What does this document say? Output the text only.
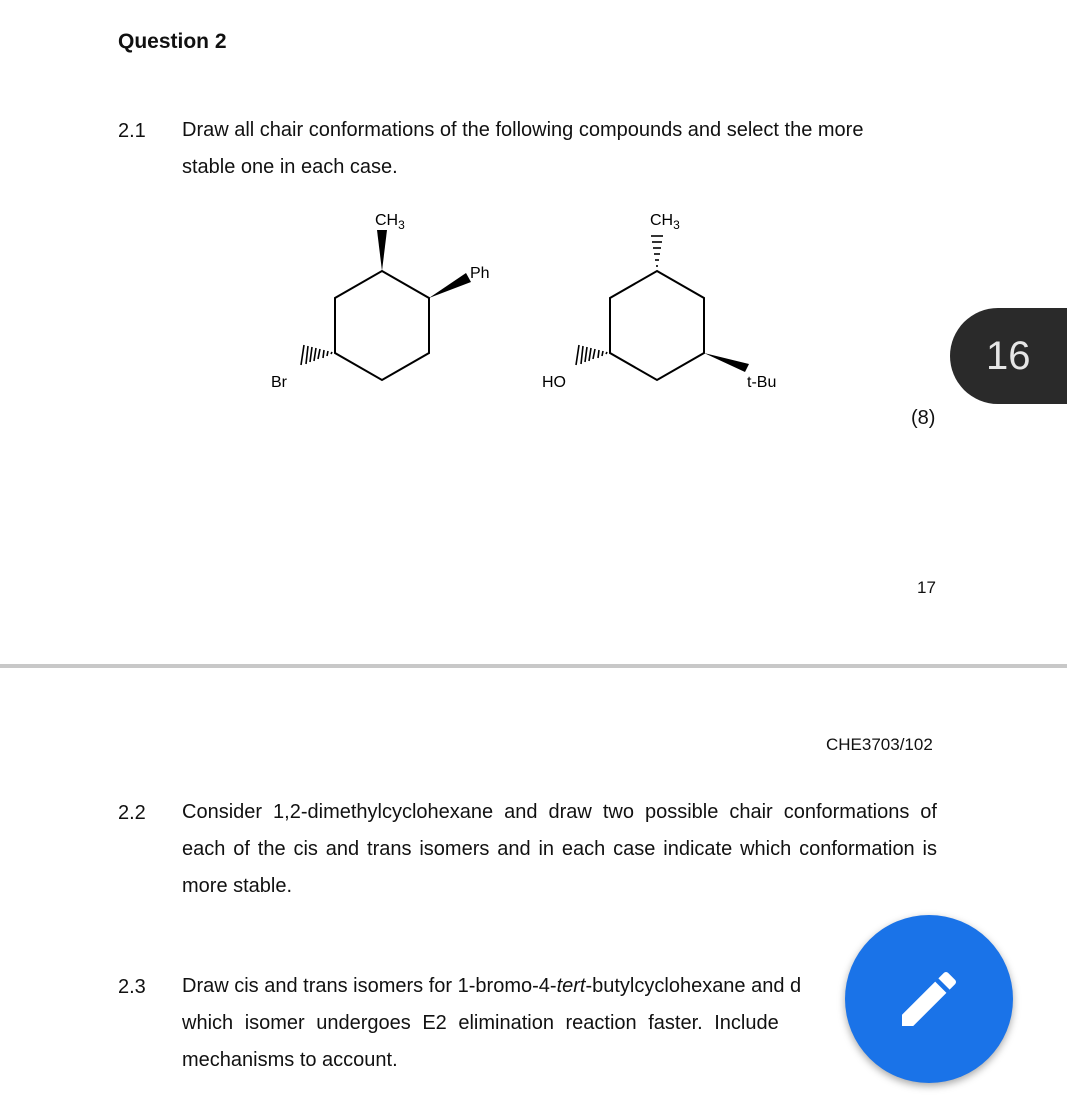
Question 2
2.1 Draw all chair conformations of the following compounds and select the more
stable one in each case.
$CH_3$
Ph
Br
$CH_3$
HO	t-Bu
(8)
17
16
CHE3703/102
2.2 Consider 1,2-dimethylcyclohexane and draw two possible chair conformations of each of the cis and trans isomers and in each case indicate which conformation is more stable.
2.3 Draw cis and trans isomers for 1-bromo-4-tert-butylcyclohexane and d
which isomer undergoes E2 elimination reaction faster. Include
mechanisms to account.
